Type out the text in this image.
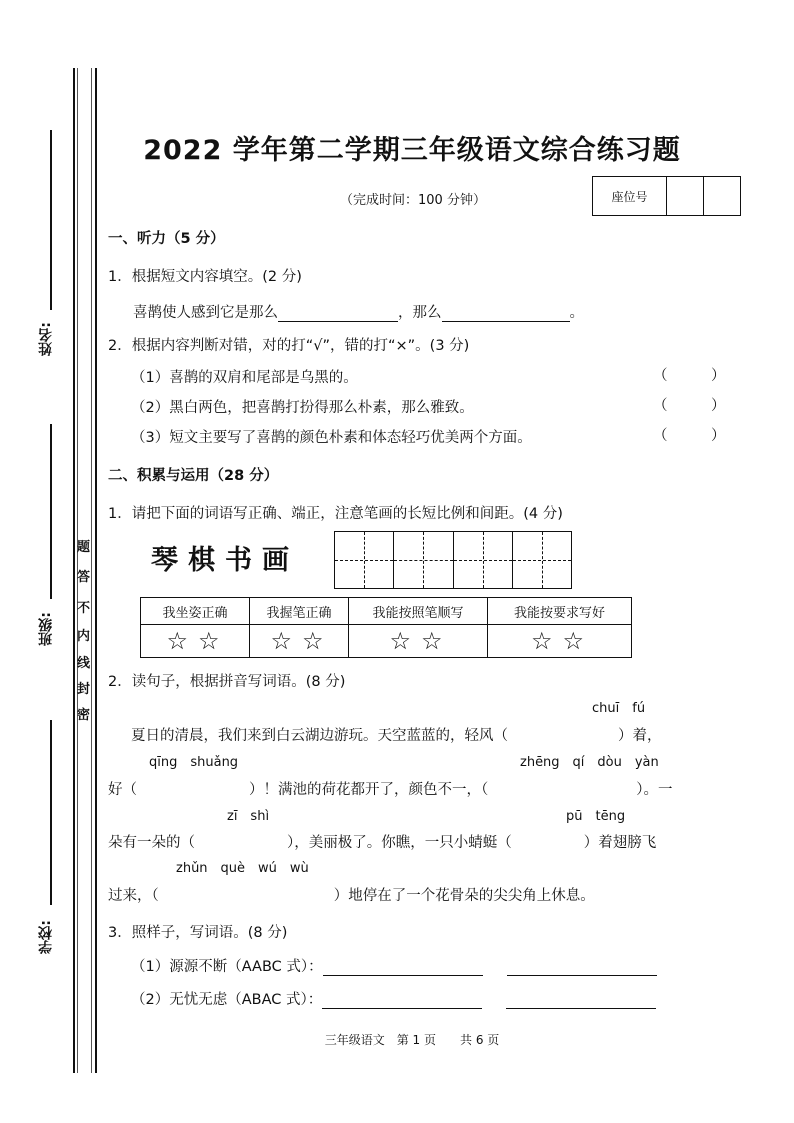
姓名:
班级:
学校:
密
封
线
内
不
答
题
2022 学年第二学期三年级语文综合练习题
（完成时间：100 分钟）	座位号
一、听力（5 分）
1．根据短文内容填空。(2 分)
喜鹊使人感到它是那么	，那么	。
2．根据内容判断对错，对的打“√”，错的打“×”。(3 分)
（1）喜鹊的双肩和尾部是乌黑的。	（　　　）
（2）黑白两色，把喜鹊打扮得那么朴素，那么雅致。	（　　　）
（3）短文主要写了喜鹊的颜色朴素和体态轻巧优美两个方面。	（　　　）
二、积累与运用（28 分）
1．请把下面的词语写正确、端正，注意笔画的长短比例和间距。(4 分)
琴棋书画
我坐姿正确	我握笔正确	我能按照笔顺写	我能按要求写好
☆☆	☆☆	☆☆	☆☆
2．读句子，根据拼音写词语。(8 分)
chuī　fú
夏日的清晨，我们来到白云湖边游玩。天空蓝蓝的，轻风（	）着，
qīng　shuǎng	zhēng　qí　dòu　yàn
好（	）！满池的荷花都开了，颜色不一，（	）。一
zī　shì	pū　tēng
朵有一朵的（	），美丽极了。你瞧，一只小蜻蜓（	）着翅膀飞
zhǔn　què　wú　wù
过来，（	）地停在了一个花骨朵的尖尖角上休息。
3．照样子，写词语。(8 分)
（1）源源不断（AABC 式）：
（2）无忧无虑（ABAC 式）：
三年级语文　第 1 页　　共 6 页
